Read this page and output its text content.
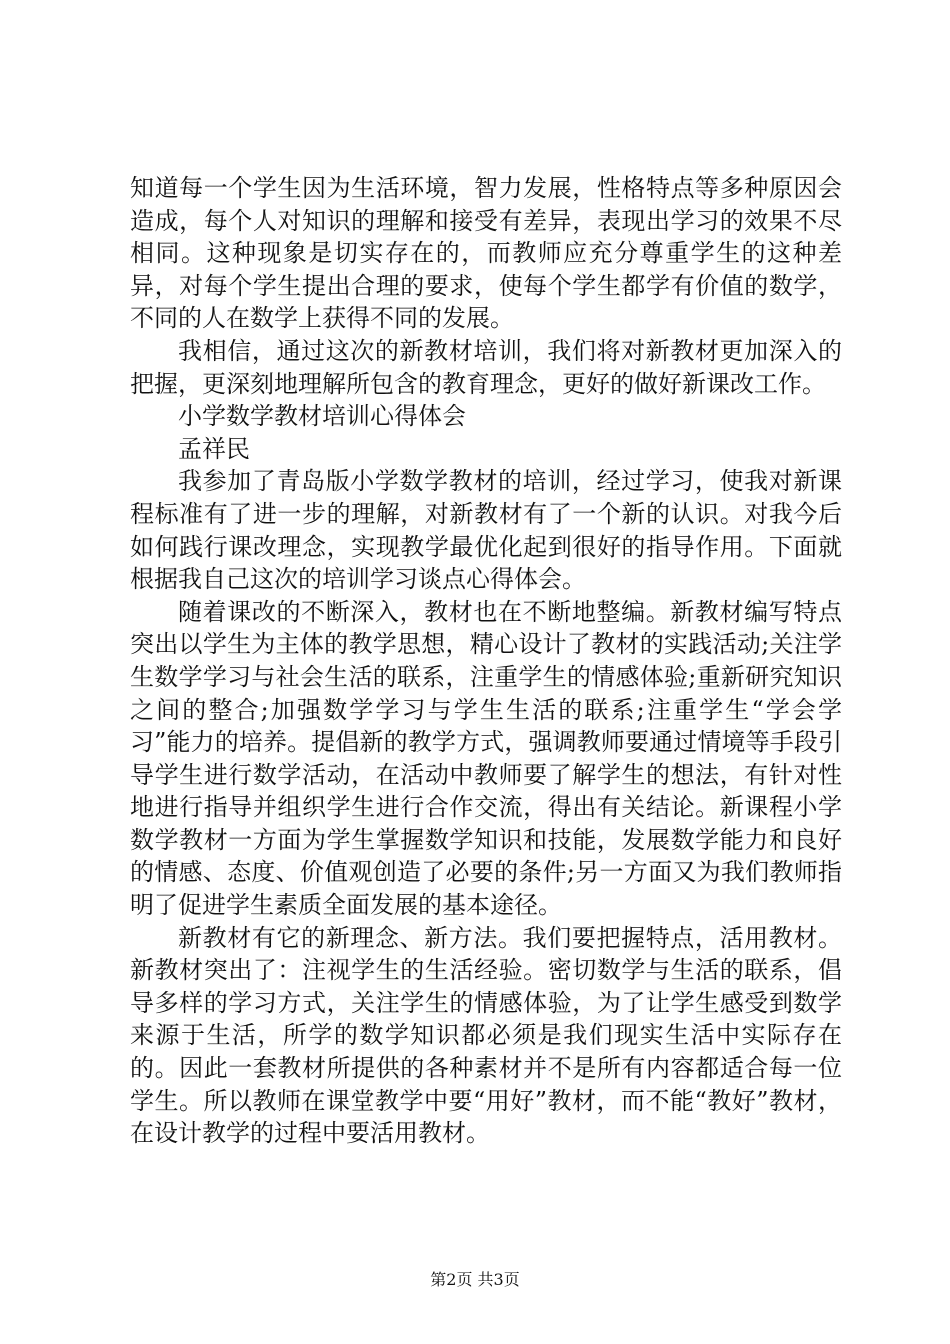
知道每一个学生因为生活环境，智力发展，性格特点等多种原因会造成，每个人对知识的理解和接受有差异，表现出学习的效果不尽相同。这种现象是切实存在的，而教师应充分尊重学生的这种差异，对每个学生提出合理的要求，使每个学生都学有价值的数学，不同的人在数学上获得不同的发展。

我相信，通过这次的新教材培训，我们将对新教材更加深入的把握，更深刻地理解所包含的教育理念，更好的做好新课改工作。

小学数学教材培训心得体会

孟祥民

我参加了青岛版小学数学教材的培训，经过学习，使我对新课程标准有了进一步的理解，对新教材有了一个新的认识。对我今后如何践行课改理念，实现教学最优化起到很好的指导作用。下面就根据我自己这次的培训学习谈点心得体会。

随着课改的不断深入，教材也在不断地整编。新教材编写特点突出以学生为主体的教学思想，精心设计了教材的实践活动;关注学生数学学习与社会生活的联系，注重学生的情感体验;重新研究知识之间的整合;加强数学学习与学生生活的联系;注重学生“学会学习”能力的培养。提倡新的教学方式，强调教师要通过情境等手段引导学生进行数学活动，在活动中教师要了解学生的想法，有针对性地进行指导并组织学生进行合作交流，得出有关结论。新课程小学数学教材一方面为学生掌握数学知识和技能，发展数学能力和良好的情感、态度、价值观创造了必要的条件;另一方面又为我们教师指明了促进学生素质全面发展的基本途径。

新教材有它的新理念、新方法。我们要把握特点，活用教材。新教材突出了：注视学生的生活经验。密切数学与生活的联系，倡导多样的学习方式，关注学生的情感体验，为了让学生感受到数学来源于生活，所学的数学知识都必须是我们现实生活中实际存在的。因此一套教材所提供的各种素材并不是所有内容都适合每一位学生。所以教师在课堂教学中要“用好”教材，而不能“教好”教材，在设计教学的过程中要活用教材。

第2页 共3页
